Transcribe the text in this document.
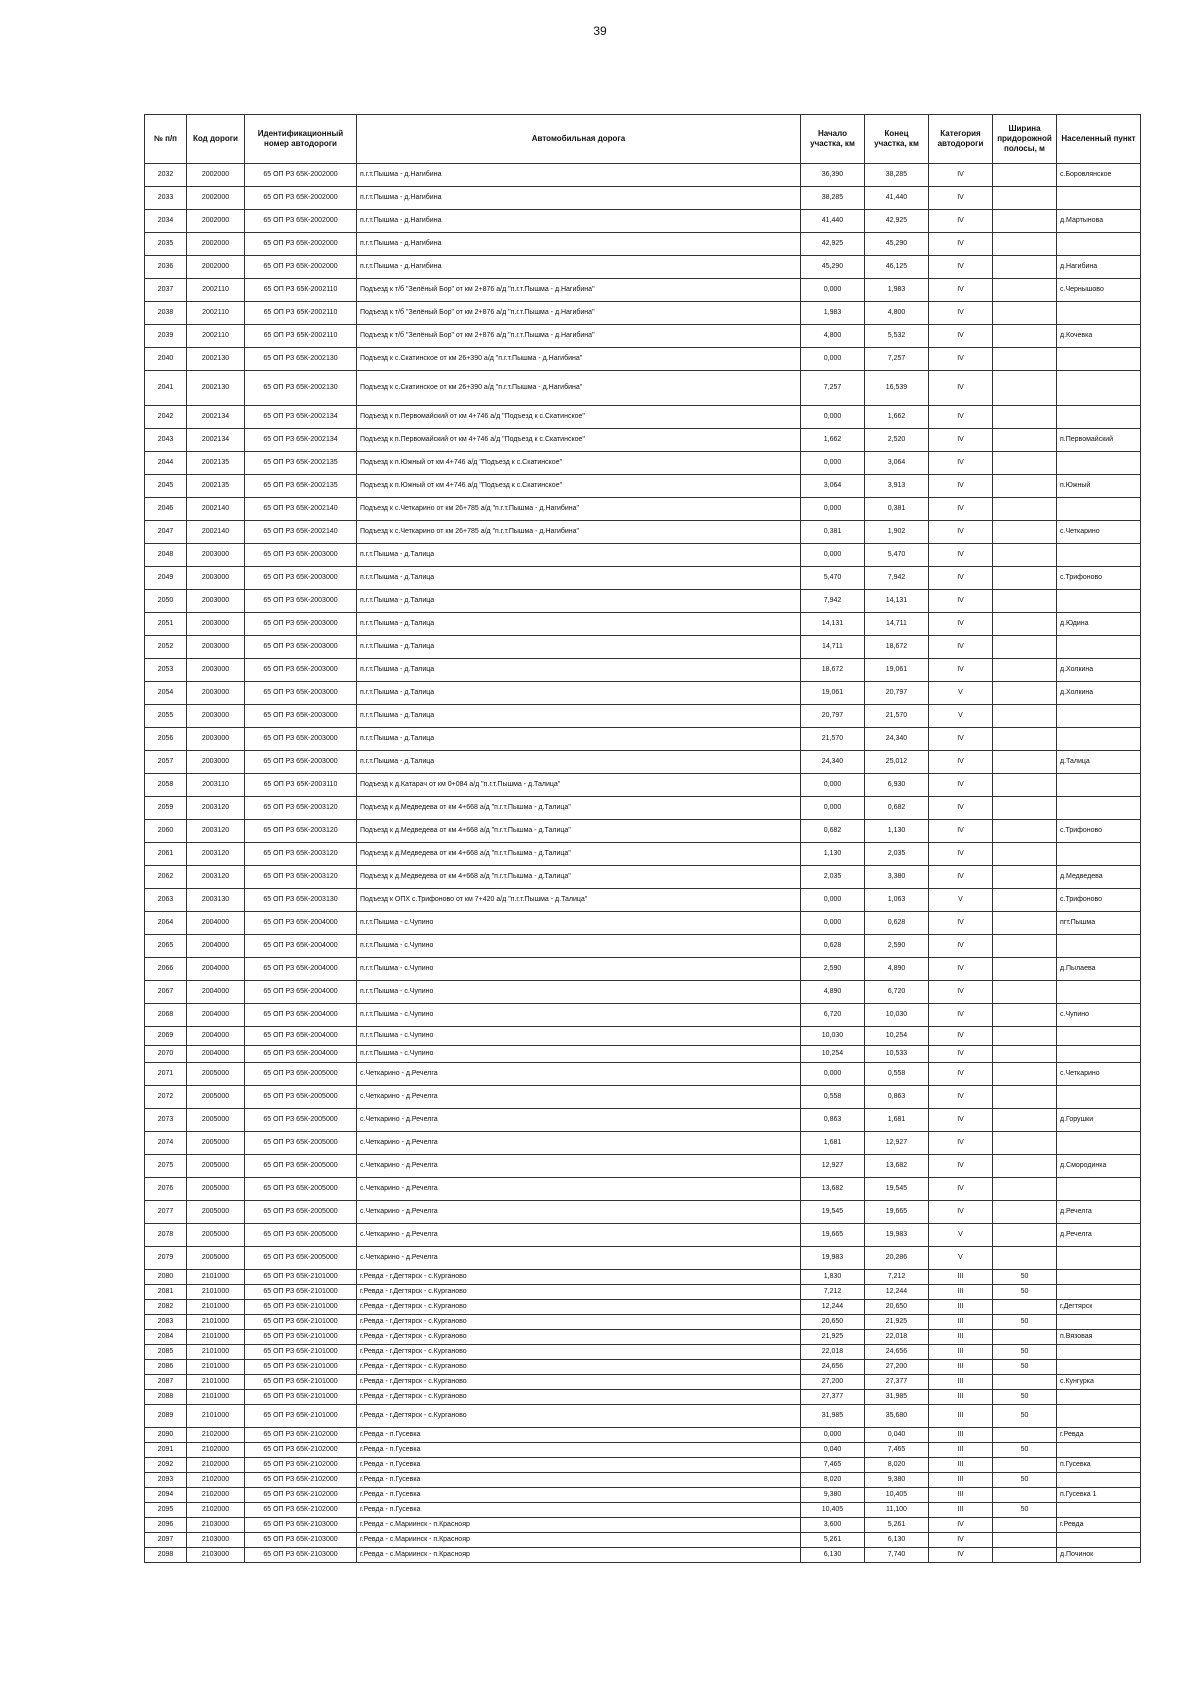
39
№ п/п	Код дороги	Идентификационный номер автодороги	Автомобильная дорога	Начало участка, км	Конец участка, км	Категория автодороги	Ширина придорожной полосы, м	Населенный пункт
2032	2002000	65 ОП РЗ 65К-2002000	п.г.т.Пышма - д.Нагибина	36,390	38,285	IV		с.Боровлянское
2033	2002000	65 ОП РЗ 65К-2002000	п.г.т.Пышма - д.Нагибина	38,285	41,440	IV		
2034	2002000	65 ОП РЗ 65К-2002000	п.г.т.Пышма - д.Нагибина	41,440	42,925	IV		д.Мартынова
2035	2002000	65 ОП РЗ 65К-2002000	п.г.т.Пышма - д.Нагибина	42,925	45,290	IV		
2036	2002000	65 ОП РЗ 65К-2002000	п.г.т.Пышма - д.Нагибина	45,290	46,125	IV		д.Нагибина
2037	2002110	65 ОП РЗ 65К-2002110	Подъезд к т/б "Зелёный Бор" от км 2+876 а/д "п.г.т.Пышма - д.Нагибина"	0,000	1,983	IV		с.Чернышово
2038	2002110	65 ОП РЗ 65К-2002110	Подъезд к т/б "Зелёный Бор" от км 2+876 а/д "п.г.т.Пышма - д.Нагибина"	1,983	4,800	IV		
2039	2002110	65 ОП РЗ 65К-2002110	Подъезд к т/б "Зелёный Бор" от км 2+876 а/д "п.г.т.Пышма - д.Нагибина"	4,800	5,532	IV		д.Кочевка
2040	2002130	65 ОП РЗ 65К-2002130	Подъезд к с.Скатинское от км 26+390 а/д "п.г.т.Пышма - д.Нагибина"	0,000	7,257	IV		
2041	2002130	65 ОП РЗ 65К-2002130	Подъезд к с.Скатинское от км 26+390 а/д "п.г.т.Пышма - д.Нагибина"	7,257	16,539	IV		
2042	2002134	65 ОП РЗ 65К-2002134	Подъезд к п.Первомайский от км 4+746 а/д "Подъезд к с.Скатинское"	0,000	1,662	IV		
2043	2002134	65 ОП РЗ 65К-2002134	Подъезд к п.Первомайский от км 4+746 а/д "Подъезд к с.Скатинское"	1,662	2,520	IV		п.Первомайский
2044	2002135	65 ОП РЗ 65К-2002135	Подъезд к п.Южный от км 4+746 а/д "Подъезд к с.Скатинское"	0,000	3,064	IV		
2045	2002135	65 ОП РЗ 65К-2002135	Подъезд к п.Южный от км 4+746 а/д "Подъезд к с.Скатинское"	3,064	3,913	IV		п.Южный
2046	2002140	65 ОП РЗ 65К-2002140	Подъезд к с.Четкарино от км 26+785 а/д "п.г.т.Пышма - д.Нагибина"	0,000	0,381	IV		
2047	2002140	65 ОП РЗ 65К-2002140	Подъезд к с.Четкарино от км 26+785 а/д "п.г.т.Пышма - д.Нагибина"	0,381	1,902	IV		с.Четкарино
2048	2003000	65 ОП РЗ 65К-2003000	п.г.т.Пышма - д.Талица	0,000	5,470	IV		
2049	2003000	65 ОП РЗ 65К-2003000	п.г.т.Пышма - д.Талица	5,470	7,942	IV		с.Трифоново
2050	2003000	65 ОП РЗ 65К-2003000	п.г.т.Пышма - д.Талица	7,942	14,131	IV		
2051	2003000	65 ОП РЗ 65К-2003000	п.г.т.Пышма - д.Талица	14,131	14,711	IV		д.Юдина
2052	2003000	65 ОП РЗ 65К-2003000	п.г.т.Пышма - д.Талица	14,711	18,672	IV		
2053	2003000	65 ОП РЗ 65К-2003000	п.г.т.Пышма - д.Талица	18,672	19,061	IV		д.Холкина
2054	2003000	65 ОП РЗ 65К-2003000	п.г.т.Пышма - д.Талица	19,061	20,797	V		д.Холкина
2055	2003000	65 ОП РЗ 65К-2003000	п.г.т.Пышма - д.Талица	20,797	21,570	V		
2056	2003000	65 ОП РЗ 65К-2003000	п.г.т.Пышма - д.Талица	21,570	24,340	IV		
2057	2003000	65 ОП РЗ 65К-2003000	п.г.т.Пышма - д.Талица	24,340	25,012	IV		д.Талица
2058	2003110	65 ОП РЗ 65К-2003110	Подъезд к д.Катарач от км 0+084 а/д "п.г.т.Пышма - д.Талица"	0,000	6,930	IV		
2059	2003120	65 ОП РЗ 65К-2003120	Подъезд к д.Медведева от км 4+668 а/д "п.г.т.Пышма - д.Талица"	0,000	0,682	IV		
2060	2003120	65 ОП РЗ 65К-2003120	Подъезд к д.Медведева от км 4+668 а/д "п.г.т.Пышма - д.Талица"	0,682	1,130	IV		с.Трифоново
2061	2003120	65 ОП РЗ 65К-2003120	Подъезд к д.Медведева от км 4+668 а/д "п.г.т.Пышма - д.Талица"	1,130	2,035	IV		
2062	2003120	65 ОП РЗ 65К-2003120	Подъезд к д.Медведева от км 4+668 а/д "п.г.т.Пышма - д.Талица"	2,035	3,380	IV		д.Медведева
2063	2003130	65 ОП РЗ 65К-2003130	Подъезд к ОПХ с.Трифоново от км 7+420 а/д "п.г.т.Пышма - д.Талица"	0,000	1,063	V		с.Трифоново
2064	2004000	65 ОП РЗ 65К-2004000	п.г.т.Пышма - с.Чупино	0,000	0,628	IV		пгт.Пышма
2065	2004000	65 ОП РЗ 65К-2004000	п.г.т.Пышма - с.Чупино	0,628	2,590	IV		
2066	2004000	65 ОП РЗ 65К-2004000	п.г.т.Пышма - с.Чупино	2,590	4,890	IV		д.Пылаева
2067	2004000	65 ОП РЗ 65К-2004000	п.г.т.Пышма - с.Чупино	4,890	6,720	IV		
2068	2004000	65 ОП РЗ 65К-2004000	п.г.т.Пышма - с.Чупино	6,720	10,030	IV		с.Чупино
2069	2004000	65 ОП РЗ 65К-2004000	п.г.т.Пышма - с.Чупино	10,030	10,254	IV		
2070	2004000	65 ОП РЗ 65К-2004000	п.г.т.Пышма - с.Чупино	10,254	10,533	IV		
2071	2005000	65 ОП РЗ 65К-2005000	с.Четкарино - д.Речелга	0,000	0,558	IV		с.Четкарино
2072	2005000	65 ОП РЗ 65К-2005000	с.Четкарино - д.Речелга	0,558	0,863	IV		
2073	2005000	65 ОП РЗ 65К-2005000	с.Четкарино - д.Речелга	0,863	1,681	IV		д.Горушки
2074	2005000	65 ОП РЗ 65К-2005000	с.Четкарино - д.Речелга	1,681	12,927	IV		
2075	2005000	65 ОП РЗ 65К-2005000	с.Четкарино - д.Речелга	12,927	13,682	IV		д.Смородинка
2076	2005000	65 ОП РЗ 65К-2005000	с.Четкарино - д.Речелга	13,682	19,545	IV		
2077	2005000	65 ОП РЗ 65К-2005000	с.Четкарино - д.Речелга	19,545	19,665	IV		д.Речелга
2078	2005000	65 ОП РЗ 65К-2005000	с.Четкарино - д.Речелга	19,665	19,983	V		д.Речелга
2079	2005000	65 ОП РЗ 65К-2005000	с.Четкарино - д.Речелга	19,983	20,286	V		
2080	2101000	65 ОП РЗ 65К-2101000	г.Ревда - г.Дегтярск - с.Курганово	1,830	7,212	III	50	
2081	2101000	65 ОП РЗ 65К-2101000	г.Ревда - г.Дегтярск - с.Курганово	7,212	12,244	III	50	
2082	2101000	65 ОП РЗ 65К-2101000	г.Ревда - г.Дегтярск - с.Курганово	12,244	20,650	III		г.Дегтярск
2083	2101000	65 ОП РЗ 65К-2101000	г.Ревда - г.Дегтярск - с.Курганово	20,650	21,925	III	50	
2084	2101000	65 ОП РЗ 65К-2101000	г.Ревда - г.Дегтярск - с.Курганово	21,925	22,018	III		п.Вязовая
2085	2101000	65 ОП РЗ 65К-2101000	г.Ревда - г.Дегтярск - с.Курганово	22,018	24,656	III	50	
2086	2101000	65 ОП РЗ 65К-2101000	г.Ревда - г.Дегтярск - с.Курганово	24,656	27,200	III	50	
2087	2101000	65 ОП РЗ 65К-2101000	г.Ревда - г.Дегтярск - с.Курганово	27,200	27,377	III		с.Кунгурка
2088	2101000	65 ОП РЗ 65К-2101000	г.Ревда - г.Дегтярск - с.Курганово	27,377	31,985	III	50	
2089	2101000	65 ОП РЗ 65К-2101000	г.Ревда - г.Дегтярск - с.Курганово	31,985	35,680	III	50	
2090	2102000	65 ОП РЗ 65К-2102000	г.Ревда - п.Гусевка	0,000	0,040	III		г.Ревда
2091	2102000	65 ОП РЗ 65К-2102000	г.Ревда - п.Гусевка	0,040	7,465	III	50	
2092	2102000	65 ОП РЗ 65К-2102000	г.Ревда - п.Гусевка	7,465	8,020	III		п.Гусевка
2093	2102000	65 ОП РЗ 65К-2102000	г.Ревда - п.Гусевка	8,020	9,380	III	50	
2094	2102000	65 ОП РЗ 65К-2102000	г.Ревда - п.Гусевка	9,380	10,405	III		п.Гусевка 1
2095	2102000	65 ОП РЗ 65К-2102000	г.Ревда - п.Гусевка	10,405	11,100	III	50	
2096	2103000	65 ОП РЗ 65К-2103000	г.Ревда - с.Мариинск - п.Краснояр	3,600	5,261	IV		г.Ревда
2097	2103000	65 ОП РЗ 65К-2103000	г.Ревда - с.Мариинск - п.Краснояр	5,261	6,130	IV		
2098	2103000	65 ОП РЗ 65К-2103000	г.Ревда - с.Мариинск - п.Краснояр	6,130	7,740	IV		д.Починок
